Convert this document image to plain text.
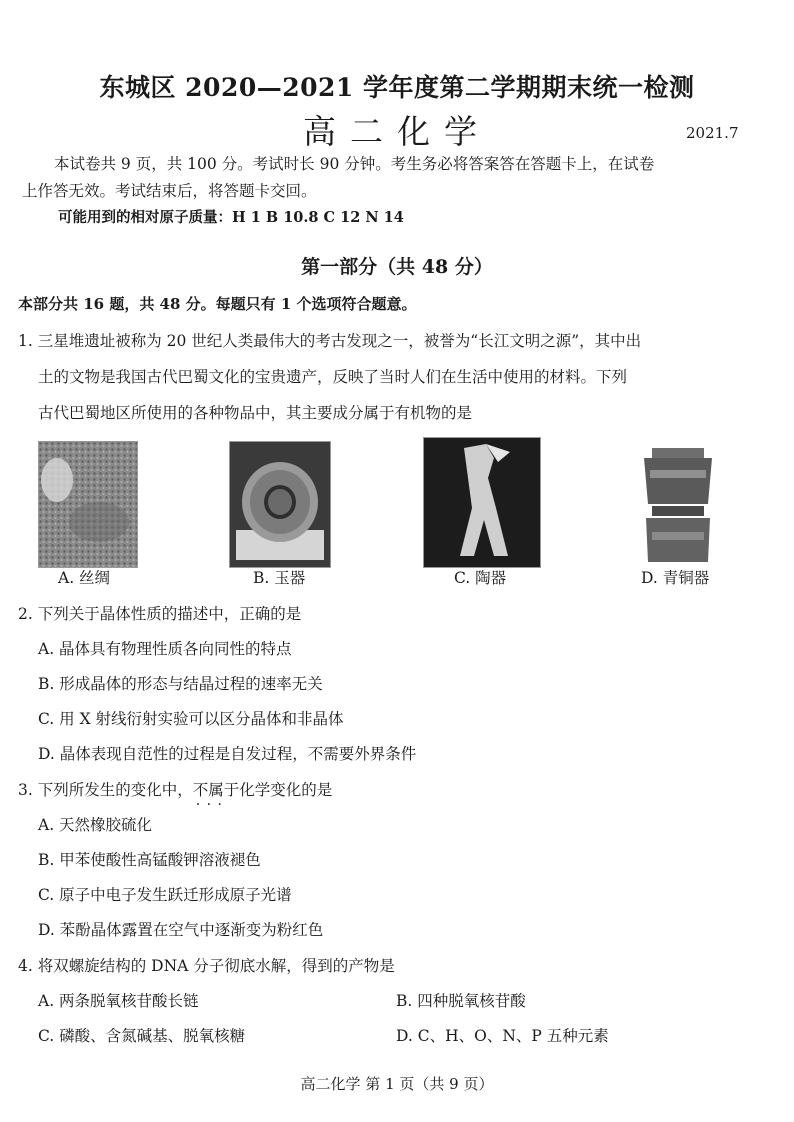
东城区 2020—2021 学年度第二学期期末统一检测
高二化学	2021.7
本试卷共 9 页，共 100 分。考试时长 90 分钟。考生务必将答案答在答题卡上，在试卷
上作答无效。考试结束后，将答题卡交回。
可能用到的相对原子质量：H 1 B 10.8 C 12 N 14
第一部分（共 48 分）
本部分共 16 题，共 48 分。每题只有 1 个选项符合题意。
1. 三星堆遗址被称为 20 世纪人类最伟大的考古发现之一，被誉为“长江文明之源”，其中出
土的文物是我国古代巴蜀文化的宝贵遗产，反映了当时人们在生活中使用的材料。下列
古代巴蜀地区所使用的各种物品中，其主要成分属于有机物的是
A. 丝绸	B. 玉器	C. 陶器	D. 青铜器
2. 下列关于晶体性质的描述中，正确的是
A. 晶体具有物理性质各向同性的特点
B. 形成晶体的形态与结晶过程的速率无关
C. 用 X 射线衍射实验可以区分晶体和非晶体
D. 晶体表现自范性的过程是自发过程，不需要外界条件
3. 下列所发生的变化中，不属于 · · ·化学变化的是
A. 天然橡胶硫化
B. 甲苯使酸性高锰酸钾溶液褪色
C. 原子中电子发生跃迁形成原子光谱
D. 苯酚晶体露置在空气中逐渐变为粉红色
4. 将双螺旋结构的 DNA 分子彻底水解，得到的产物是
A. 两条脱氧核苷酸长链	B. 四种脱氧核苷酸
C. 磷酸、含氮碱基、脱氧核糖	D. C、H、O、N、P 五种元素
高二化学 第 1 页（共 9 页）
